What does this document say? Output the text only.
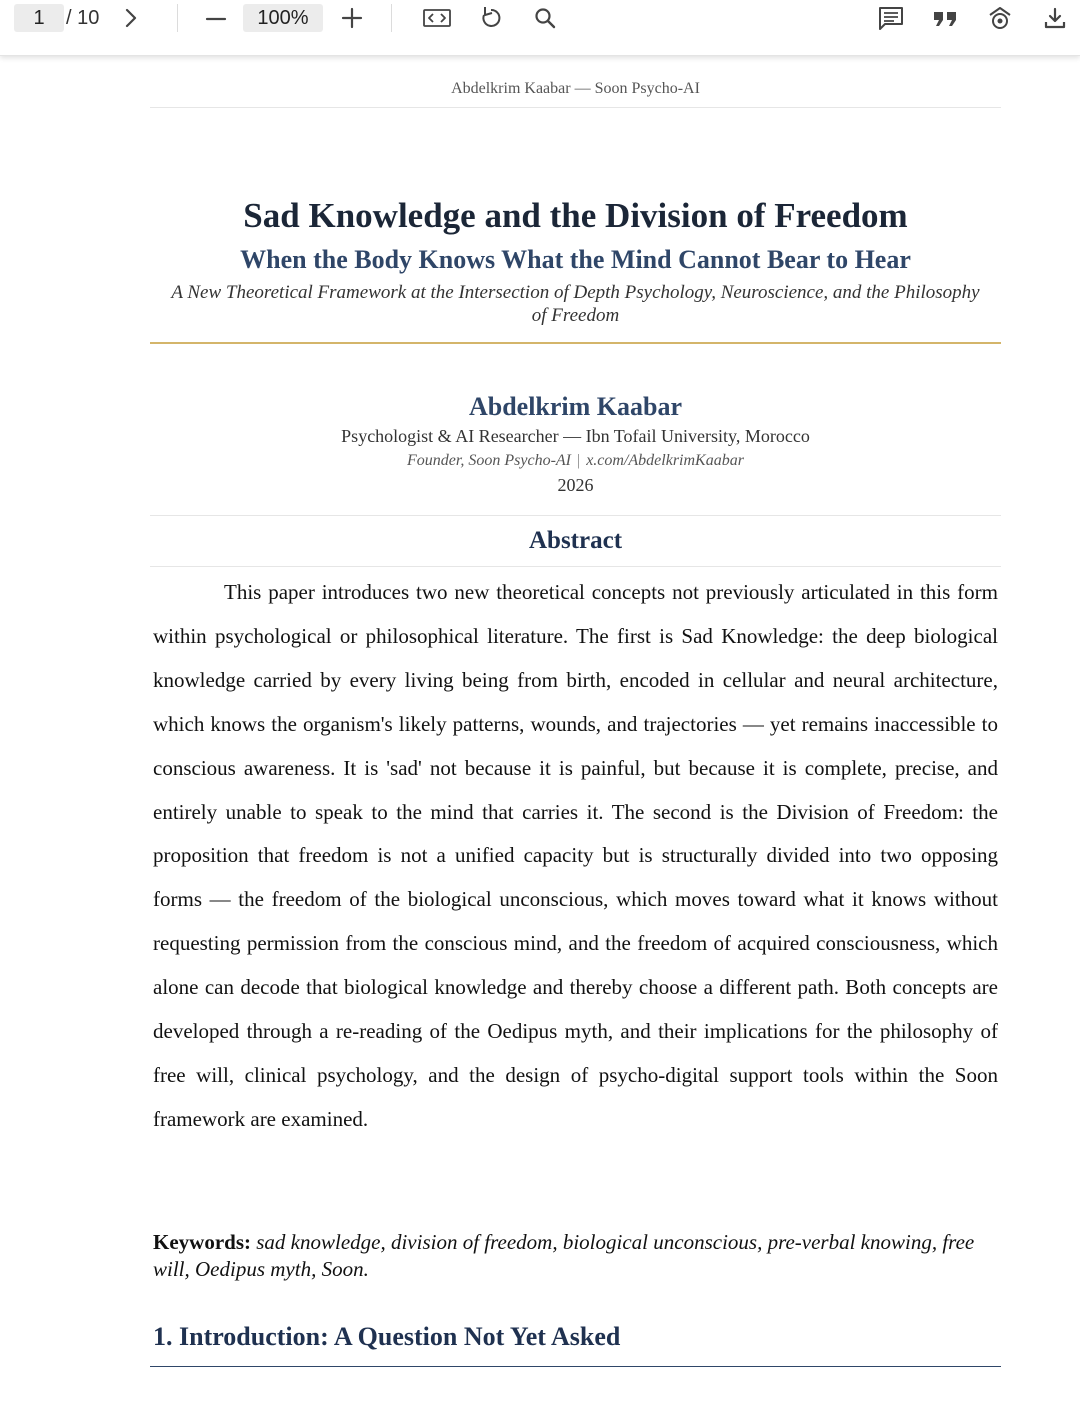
1	/ 10	100%
Abdelkrim Kaabar — Soon Psycho-AI
Sad Knowledge and the Division of Freedom
When the Body Knows What the Mind Cannot Bear to Hear
A New Theoretical Framework at the Intersection of Depth Psychology, Neuroscience, and the Philosophy of Freedom
Abdelkrim Kaabar
Psychologist & AI Researcher — Ibn Tofail University, Morocco
Founder, Soon Psycho-AI | x.com/AbdelkrimKaabar
2026
Abstract

This paper introduces two new theoretical concepts not previously articulated in this form within psychological or philosophical literature. The first is Sad Knowledge: the deep biological knowledge carried by every living being from birth, encoded in cellular and neural architecture, which knows the organism's likely patterns, wounds, and trajectories — yet remains inaccessible to conscious awareness. It is 'sad' not because it is painful, but because it is complete, precise, and entirely unable to speak to the mind that carries it. The second is the Division of Freedom: the proposition that freedom is not a unified capacity but is structurally divided into two opposing forms — the freedom of the biological unconscious, which moves toward what it knows without requesting permission from the conscious mind, and the freedom of acquired consciousness, which alone can decode that biological knowledge and thereby choose a different path. Both concepts are developed through a re-reading of the Oedipus myth, and their implications for the philosophy of free will, clinical psychology, and the design of psycho-digital support tools within the Soon framework are examined.

Keywords: sad knowledge, division of freedom, biological unconscious, pre-verbal knowing, free will, Oedipus myth, Soon.

1. Introduction: A Question Not Yet Asked
